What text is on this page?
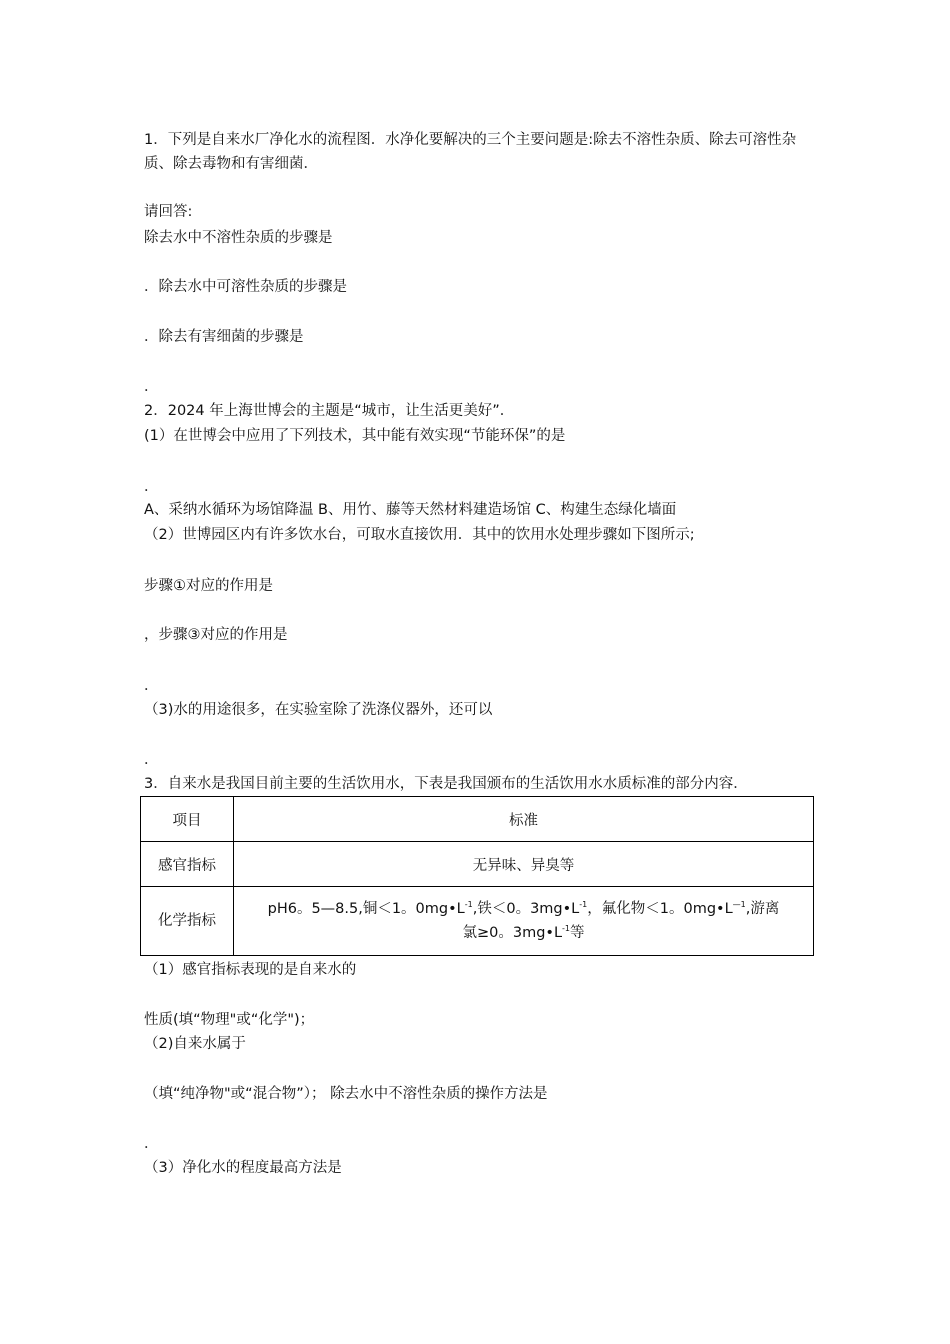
1．下列是自来水厂净化水的流程图．水净化要解决的三个主要问题是:除去不溶性杂质、除去可溶性杂质、除去毒物和有害细菌．
请回答:
除去水中不溶性杂质的步骤是
．除去水中可溶性杂质的步骤是
．除去有害细菌的步骤是
．
2．2024 年上海世博会的主题是“城市，让生活更美好”．
(1）在世博会中应用了下列技术，其中能有效实现“节能环保”的是
．
A、采纳水循环为场馆降温 B、用竹、藤等天然材料建造场馆 C、构建生态绿化墙面
（2）世博园区内有许多饮水台，可取水直接饮用．其中的饮用水处理步骤如下图所示;
步骤①对应的作用是
，步骤③对应的作用是
．
（3)水的用途很多，在实验室除了洗涤仪器外，还可以
．
3．自来水是我国目前主要的生活饮用水，下表是我国颁布的生活饮用水水质标准的部分内容．
项目	标准
感官指标	无异味、异臭等
化学指标	pH6。5—8.5,铜＜1。$0mg•L^{-1}$,铁＜0。$3mg•L^{-1}$，氟化物＜1。$0mg•L^{—1}$,游离
氯≥0。$3mg•L^{-1}$等
（1）感官指标表现的是自来水的
性质(填“物理"或“化学")；
（2)自来水属于
（填“纯净物"或“混合物”）； 除去水中不溶性杂质的操作方法是
．
（3）净化水的程度最高方法是
